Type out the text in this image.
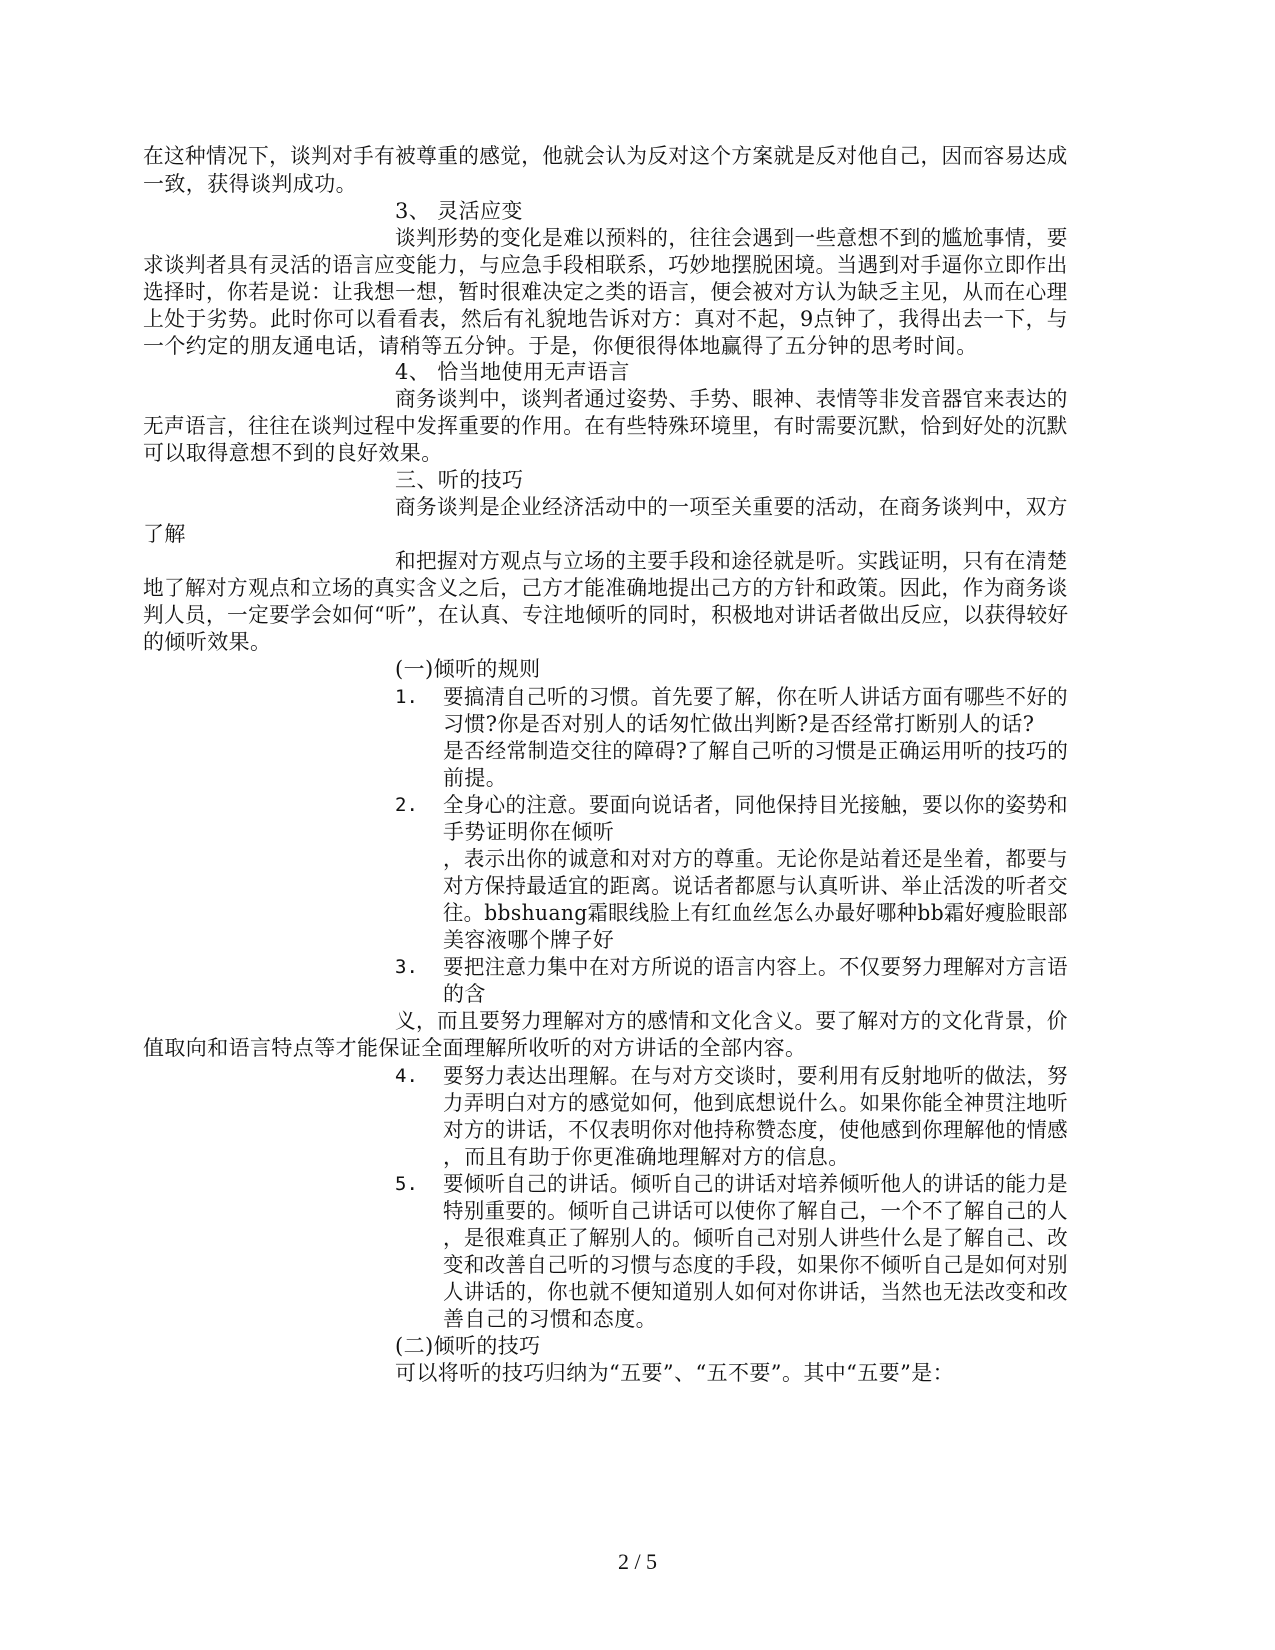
在这种情况下，谈判对手有被尊重的感觉，他就会认为反对这个方案就是反对他自己，因而容易达成
一致，获得谈判成功。
3、 灵活应变
谈判形势的变化是难以预料的，往往会遇到一些意想不到的尴尬事情，要
求谈判者具有灵活的语言应变能力，与应急手段相联系，巧妙地摆脱困境。当遇到对手逼你立即作出
选择时，你若是说：让我想一想，暂时很难决定之类的语言，便会被对方认为缺乏主见，从而在心理
上处于劣势。此时你可以看看表，然后有礼貌地告诉对方：真对不起，9点钟了，我得出去一下，与
一个约定的朋友通电话，请稍等五分钟。于是，你便很得体地赢得了五分钟的思考时间。
4、 恰当地使用无声语言
商务谈判中，谈判者通过姿势、手势、眼神、表情等非发音器官来表达的
无声语言，往往在谈判过程中发挥重要的作用。在有些特殊环境里，有时需要沉默，恰到好处的沉默
可以取得意想不到的良好效果。
三、听的技巧
商务谈判是企业经济活动中的一项至关重要的活动，在商务谈判中，双方
了解
和把握对方观点与立场的主要手段和途径就是听。实践证明，只有在清楚
地了解对方观点和立场的真实含义之后，己方才能准确地提出己方的方针和政策。因此，作为商务谈
判人员，一定要学会如何“听”，在认真、专注地倾听的同时，积极地对讲话者做出反应，以获得较好
的倾听效果。
(一)倾听的规则
1. 要搞清自己听的习惯。首先要了解，你在听人讲话方面有哪些不好的
习惯?你是否对别人的话匆忙做出判断?是否经常打断别人的话?
是否经常制造交往的障碍?了解自己听的习惯是正确运用听的技巧的
前提。
2. 全身心的注意。要面向说话者，同他保持目光接触，要以你的姿势和
手势证明你在倾听
，表示出你的诚意和对对方的尊重。无论你是站着还是坐着，都要与
对方保持最适宜的距离。说话者都愿与认真听讲、举止活泼的听者交
往。bbshuang霜眼线脸上有红血丝怎么办最好哪种bb霜好瘦脸眼部
美容液哪个牌子好
3. 要把注意力集中在对方所说的语言内容上。不仅要努力理解对方言语
的含
义，而且要努力理解对方的感情和文化含义。要了解对方的文化背景，价
值取向和语言特点等才能保证全面理解所收听的对方讲话的全部内容。
4. 要努力表达出理解。在与对方交谈时，要利用有反射地听的做法，努
力弄明白对方的感觉如何，他到底想说什么。如果你能全神贯注地听
对方的讲话，不仅表明你对他持称赞态度，使他感到你理解他的情感
，而且有助于你更准确地理解对方的信息。
5. 要倾听自己的讲话。倾听自己的讲话对培养倾听他人的讲话的能力是
特别重要的。倾听自己讲话可以使你了解自己，一个不了解自己的人
，是很难真正了解别人的。倾听自己对别人讲些什么是了解自己、改
变和改善自己听的习惯与态度的手段，如果你不倾听自己是如何对别
人讲话的，你也就不便知道别人如何对你讲话，当然也无法改变和改
善自己的习惯和态度。
(二)倾听的技巧
可以将听的技巧归纳为“五要”、“五不要”。其中“五要”是：
2 / 5
